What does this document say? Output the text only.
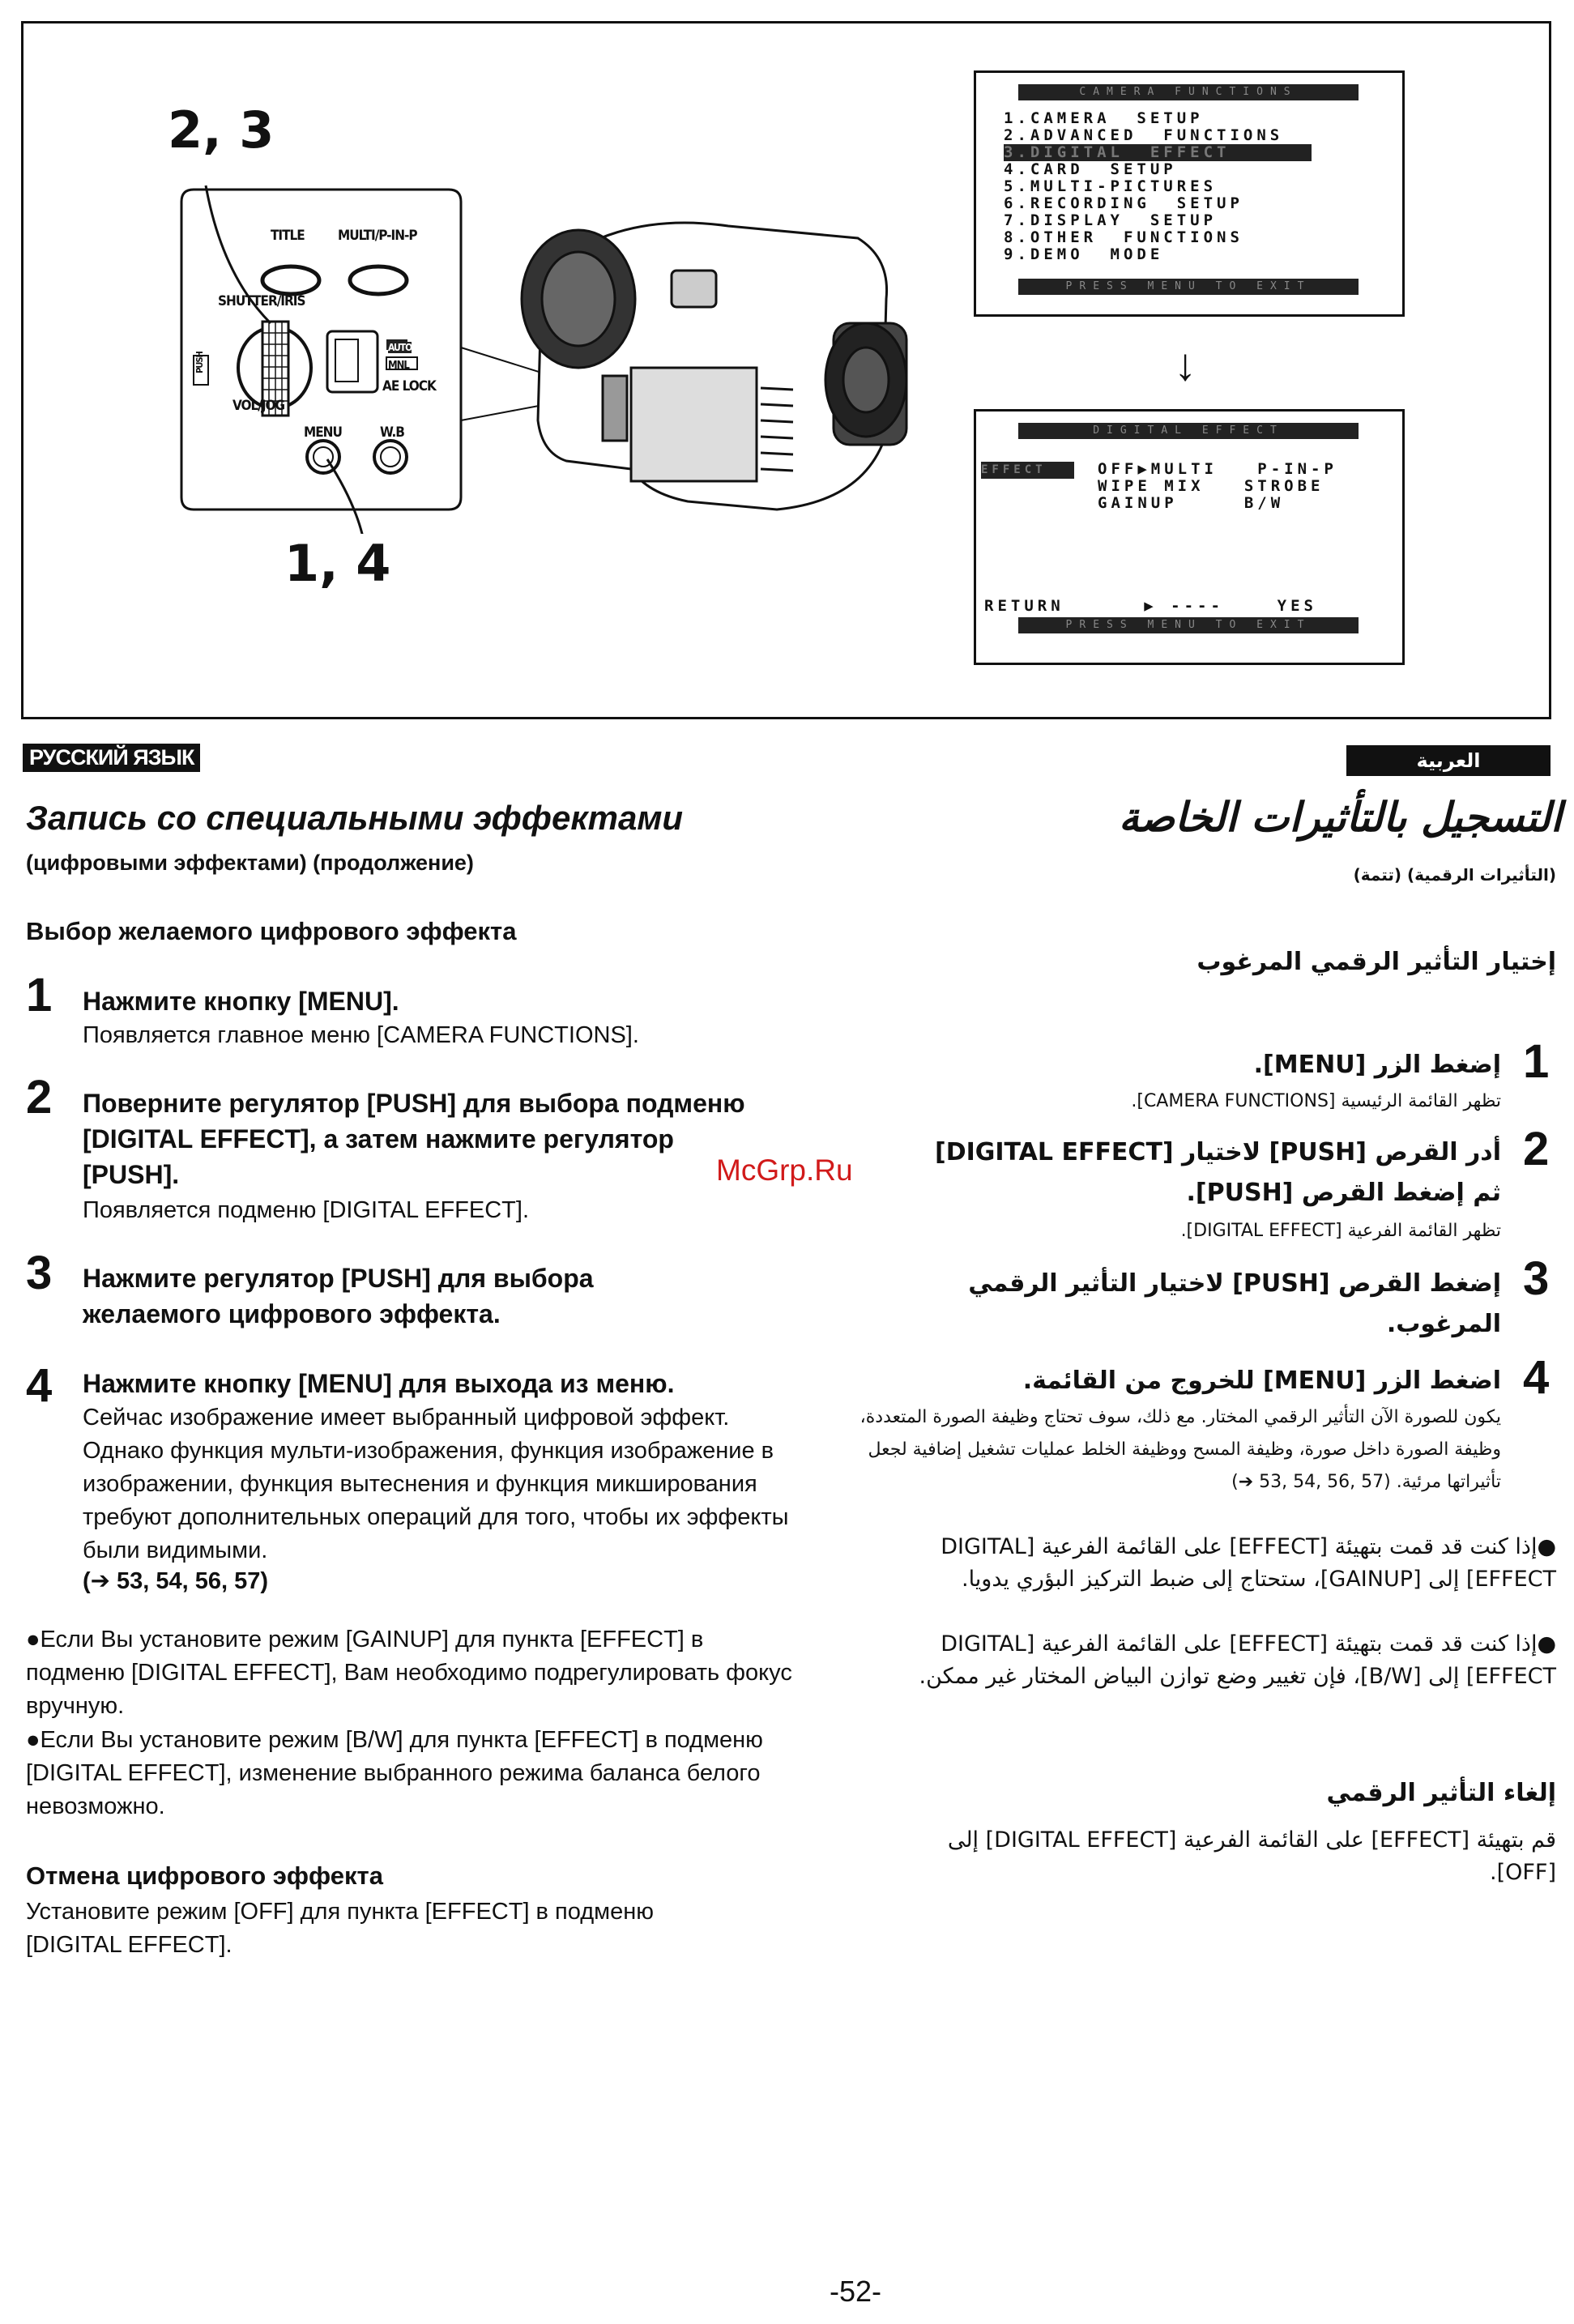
2, 3
1, 4
TITLE MULTI/P-IN-P
SHUTTER/IRIS
VOL/JOG
PUSH
AUTO
MNL
AE LOCK
MENU	W.B
CAMERA FUNCTIONS
1.CAMERA  SETUP
2.ADVANCED  FUNCTIONS
3.DIGITAL  EFFECT
4.CARD  SETUP
5.MULTI-PICTURES
6.RECORDING  SETUP
7.DISPLAY  SETUP
8.OTHER  FUNCTIONS
9.DEMO  MODE
PRESS MENU TO EXIT
↓
DIGITAL EFFECT
EFFECT	OFF▶MULTI   P-IN-P
WIPE MIX   STROBE
GAINUP     B/W
RETURN      ▶ ----    YES
PRESS MENU TO EXIT
РУССКИЙ ЯЗЫК	العربية
McGrp.Ru
Запись со специальными эффектами
(цифровыми эффектами) (продолжение)
Выбор желаемого цифрового эффекта
1 Нажмите кнопку [MENU].
Появляется главное меню [CAMERA FUNCTIONS].
2 Поверните регулятор [PUSH] для выбора подменю [DIGITAL EFFECT], а затем нажмите регулятор [PUSH].
Появляется подменю [DIGITAL EFFECT].
3 Нажмите регулятор [PUSH] для выбора желаемого цифрового эффекта.
4 Нажмите кнопку [MENU] для выхода из меню.
Сейчас изображение имеет выбранный цифровой эффект. Однако функция мульти-изображения, функция изображение в изображении, функция вытеснения и функция микширования требуют дополнительных операций для того, чтобы их эффекты были видимыми.
(➔ 53, 54, 56, 57)
●Если Вы установите режим [GAINUP] для пункта [EFFECT] в подменю [DIGITAL EFFECT], Вам необходимо подрегулировать фокус вручную.
●Если Вы установите режим [B/W] для пункта [EFFECT] в подменю [DIGITAL EFFECT], изменение выбранного режима баланса белого невозможно.
Отмена цифрового эффекта
Установите режим [OFF] для пункта [EFFECT] в подменю [DIGITAL EFFECT].
التسجيل بالتأثيرات الخاصة
(التأثيرات الرقمية) (تتمة)
إختيار التأثير الرقمي المرغوب
1
إضغط الزر [MENU].
تظهر القائمة الرئيسية [CAMERA FUNCTIONS].
2
أدر القرص [PUSH] لاختيار [DIGITAL EFFECT] ثم إضغط القرص [PUSH].
تظهر القائمة الفرعية [DIGITAL EFFECT].
3
إضغط القرص [PUSH] لاختيار التأثير الرقمي المرغوب.
4
اضغط الزر [MENU] للخروج من القائمة.
يكون للصورة الآن التأثير الرقمي المختار. مع ذلك، سوف تحتاج وظيفة الصورة المتعددة، وظيفة الصورة داخل صورة، وظيفة المسح ووظيفة الخلط عمليات تشغيل إضافية لجعل تأثيراتها مرئية. (57 ,56 ,54 ,53 ➔)
●إذا كنت قد قمت بتهيئة [EFFECT] على القائمة الفرعية [DIGITAL EFFECT] إلى [GAINUP]، ستحتاج إلى ضبط التركيز البؤري يدويا.
●إذا كنت قد قمت بتهيئة [EFFECT] على القائمة الفرعية [DIGITAL EFFECT] إلى [B/W]، فإن تغيير وضع توازن البياض المختار غير ممكن.
إلغاء التأثير الرقمي
قم بتهيئة [EFFECT] على القائمة الفرعية [DIGITAL EFFECT] إلى [OFF].
-52-
